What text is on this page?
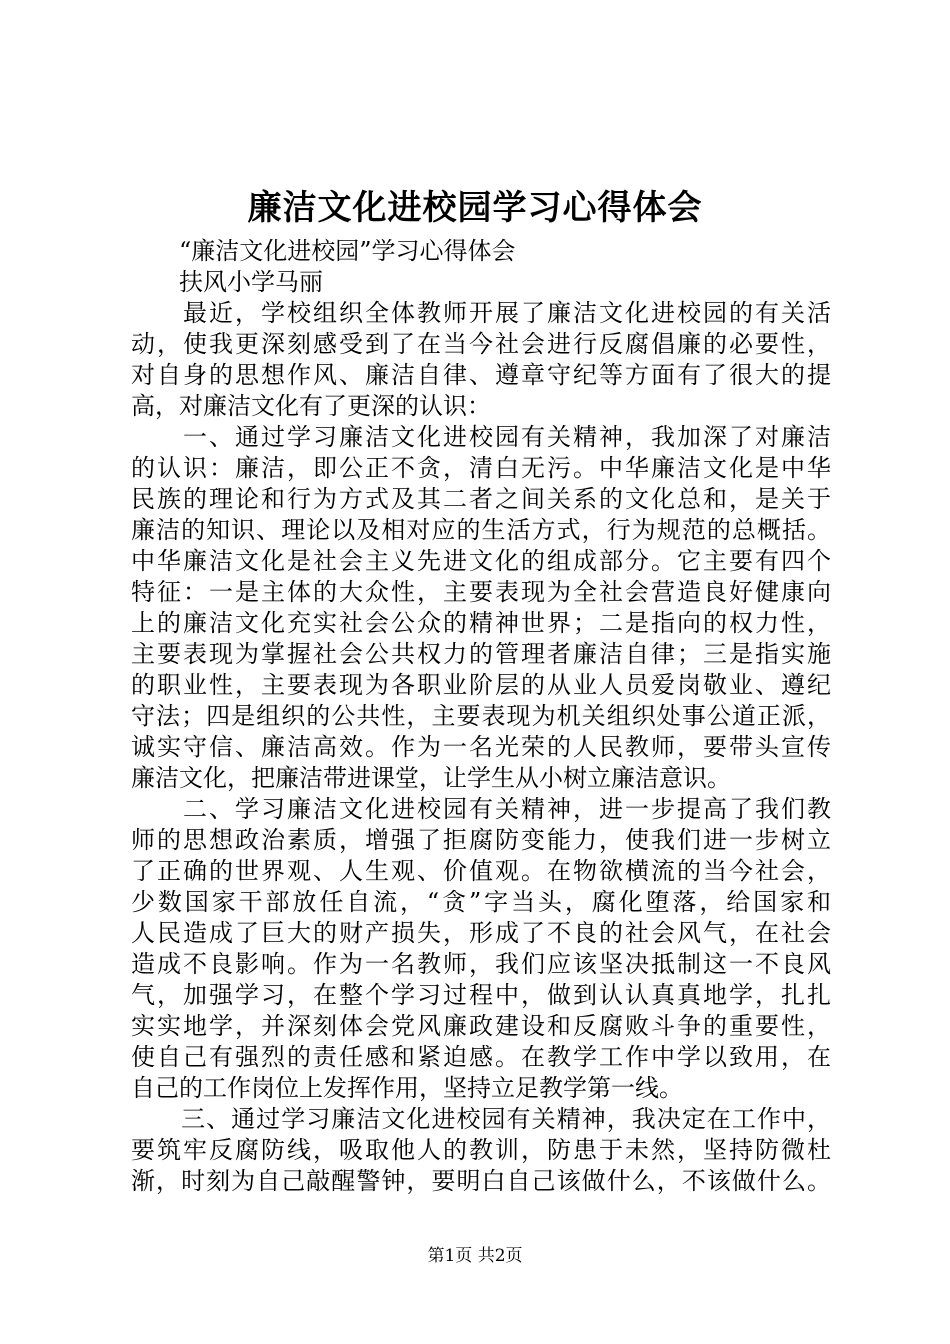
廉洁文化进校园学习心得体会
　　“廉洁文化进校园”学习心得体会
　　扶风小学马丽
　　最近，学校组织全体教师开展了廉洁文化进校园的有关活
动，使我更深刻感受到了在当今社会进行反腐倡廉的必要性，
对自身的思想作风、廉洁自律、遵章守纪等方面有了很大的提
高，对廉洁文化有了更深的认识：
　　一、通过学习廉洁文化进校园有关精神，我加深了对廉洁
的认识：廉洁，即公正不贪，清白无污。中华廉洁文化是中华
民族的理论和行为方式及其二者之间关系的文化总和，是关于
廉洁的知识、理论以及相对应的生活方式，行为规范的总概括。
中华廉洁文化是社会主义先进文化的组成部分。它主要有四个
特征：一是主体的大众性，主要表现为全社会营造良好健康向
上的廉洁文化充实社会公众的精神世界；二是指向的权力性，
主要表现为掌握社会公共权力的管理者廉洁自律；三是指实施
的职业性，主要表现为各职业阶层的从业人员爱岗敬业、遵纪
守法；四是组织的公共性，主要表现为机关组织处事公道正派，
诚实守信、廉洁高效。作为一名光荣的人民教师，要带头宣传
廉洁文化，把廉洁带进课堂，让学生从小树立廉洁意识。
　　二、学习廉洁文化进校园有关精神，进一步提高了我们教
师的思想政治素质，增强了拒腐防变能力，使我们进一步树立
了正确的世界观、人生观、价值观。在物欲横流的当今社会，
少数国家干部放任自流，“贪”字当头，腐化堕落，给国家和
人民造成了巨大的财产损失，形成了不良的社会风气，在社会
造成不良影响。作为一名教师，我们应该坚决抵制这一不良风
气，加强学习，在整个学习过程中，做到认认真真地学，扎扎
实实地学，并深刻体会党风廉政建设和反腐败斗争的重要性，
使自己有强烈的责任感和紧迫感。在教学工作中学以致用，在
自己的工作岗位上发挥作用，坚持立足教学第一线。
　　三、通过学习廉洁文化进校园有关精神，我决定在工作中，
要筑牢反腐防线，吸取他人的教训，防患于未然，坚持防微杜
渐，时刻为自己敲醒警钟，要明白自己该做什么，不该做什么。
第1页 共2页
